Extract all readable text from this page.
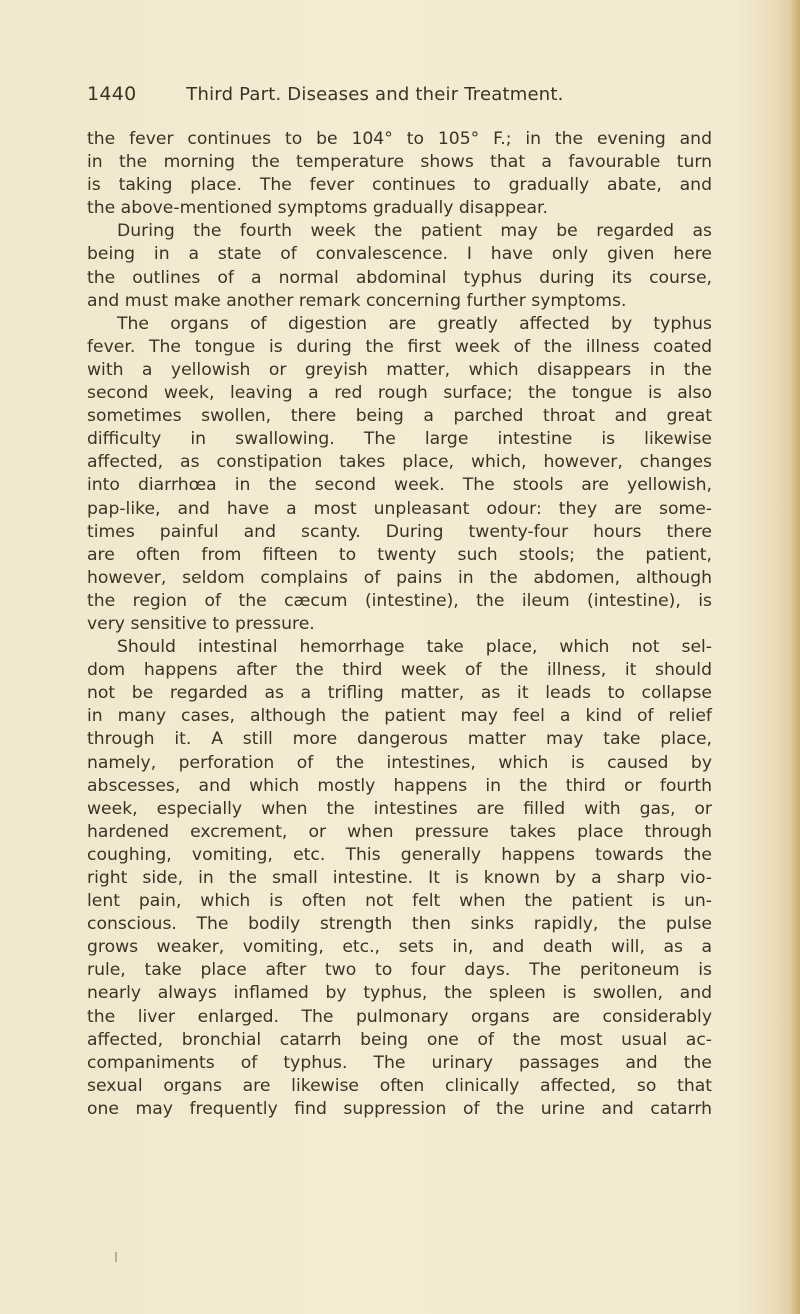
1440	Third Part. Diseases and their Treatment.
the fever continues to be 104° to 105° F.; in the evening and
in the morning the temperature shows that a favourable turn
is taking place. The fever continues to gradually abate, and
the above-mentioned symptoms gradually disappear.
During the fourth week the patient may be regarded as
being in a state of convalescence. I have only given here
the outlines of a normal abdominal typhus during its course,
and must make another remark concerning further symptoms.
The organs of digestion are greatly affected by typhus
fever. The tongue is during the first week of the illness coated
with a yellowish or greyish matter, which disappears in the
second week, leaving a red rough surface; the tongue is also
sometimes swollen, there being a parched throat and great
difficulty in swallowing. The large intestine is likewise
affected, as constipation takes place, which, however, changes
into diarrhœa in the second week. The stools are yellowish,
pap-like, and have a most unpleasant odour: they are some-
times painful and scanty. During twenty-four hours there
are often from fifteen to twenty such stools; the patient,
however, seldom complains of pains in the abdomen, although
the region of the cæcum (intestine), the ileum (intestine), is
very sensitive to pressure.
Should intestinal hemorrhage take place, which not sel-
dom happens after the third week of the illness, it should
not be regarded as a trifling matter, as it leads to collapse
in many cases, although the patient may feel a kind of relief
through it. A still more dangerous matter may take place,
namely, perforation of the intestines, which is caused by
abscesses, and which mostly happens in the third or fourth
week, especially when the intestines are filled with gas, or
hardened excrement, or when pressure takes place through
coughing, vomiting, etc. This generally happens towards the
right side, in the small intestine. It is known by a sharp vio-
lent pain, which is often not felt when the patient is un-
conscious. The bodily strength then sinks rapidly, the pulse
grows weaker, vomiting, etc., sets in, and death will, as a
rule, take place after two to four days. The peritoneum is
nearly always inflamed by typhus, the spleen is swollen, and
the liver enlarged. The pulmonary organs are considerably
affected, bronchial catarrh being one of the most usual ac-
companiments of typhus. The urinary passages and the
sexual organs are likewise often clinically affected, so that
one may frequently find suppression of the urine and catarrh
